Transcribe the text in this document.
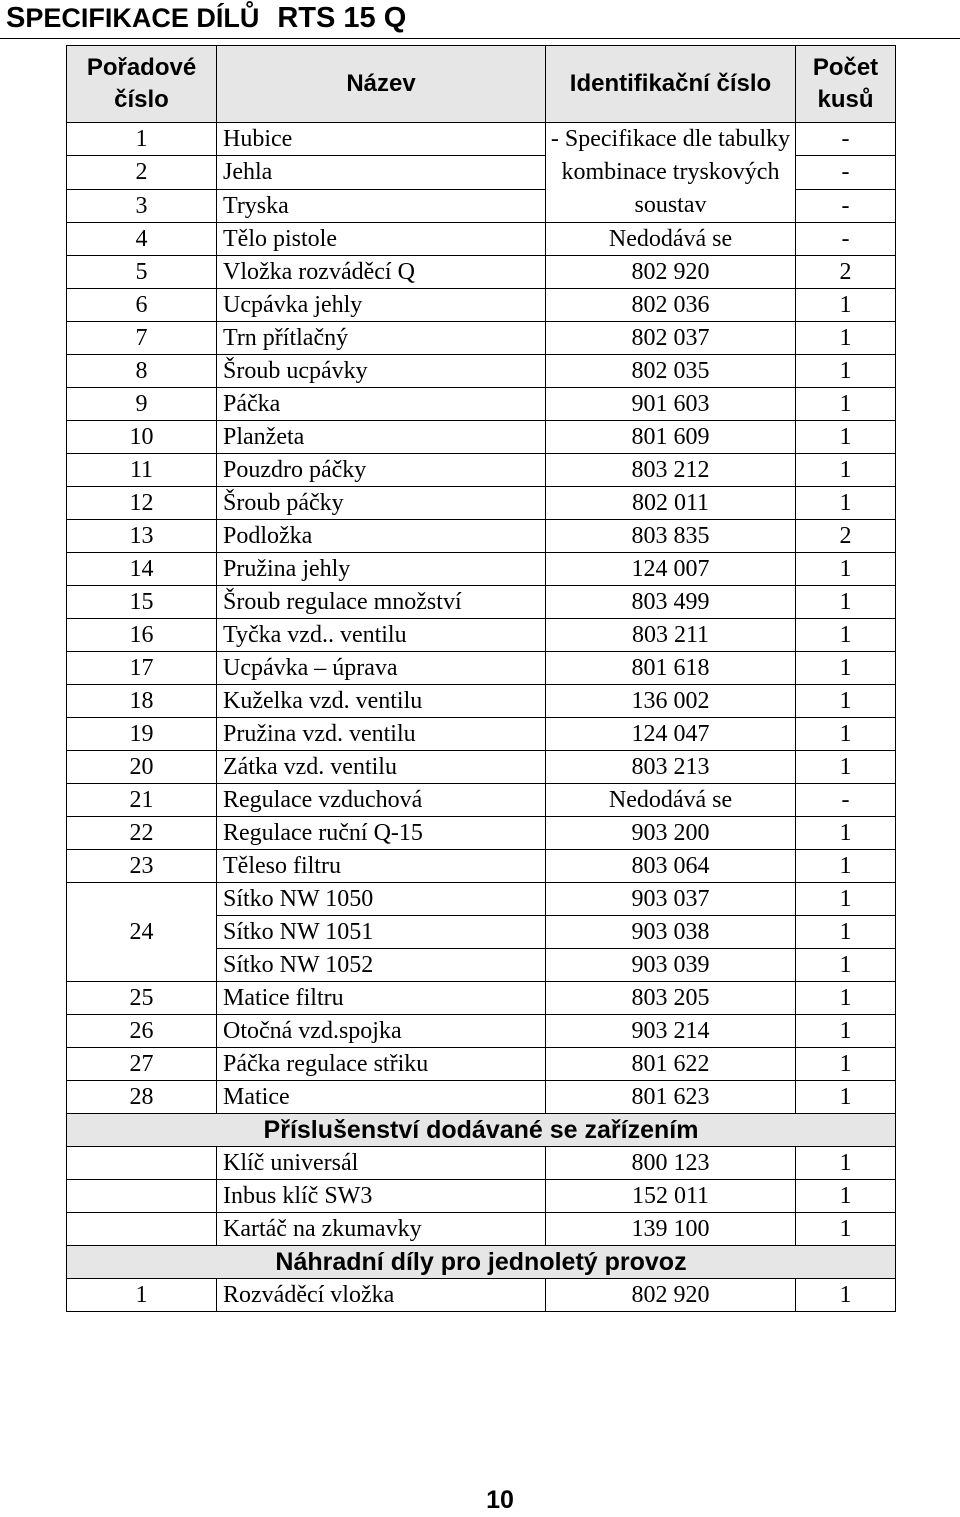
SPECIFIKACE DÍLŮ RTS 15 Q
Pořadové číslo	Název	Identifikační číslo	Počet kusů
1	Hubice	- Specifikace dle tabulky kombinace tryskových soustav	-
2	Jehla		-
3	Tryska		-
4	Tělo pistole	Nedodává se	-
5	Vložka rozváděcí Q	802 920	2
6	Ucpávka jehly	802 036	1
7	Trn přítlačný	802 037	1
8	Šroub ucpávky	802 035	1
9	Páčka	901 603	1
10	Planžeta	801 609	1
11	Pouzdro páčky	803 212	1
12	Šroub páčky	802 011	1
13	Podložka	803 835	2
14	Pružina jehly	124 007	1
15	Šroub regulace množství	803 499	1
16	Tyčka vzd.. ventilu	803 211	1
17	Ucpávka – úprava	801 618	1
18	Kuželka vzd. ventilu	136 002	1
19	Pružina vzd. ventilu	124 047	1
20	Zátka vzd. ventilu	803 213	1
21	Regulace vzduchová	Nedodává se	-
22	Regulace ruční Q-15	903 200	1
23	Těleso filtru	803 064	1
24	Sítko NW 1050	903 037	1
	Sítko NW 1051	903 038	1
	Sítko NW 1052	903 039	1
25	Matice filtru	803 205	1
26	Otočná vzd.spojka	903 214	1
27	Páčka regulace střiku	801 622	1
28	Matice	801 623	1
Příslušenství dodávané se zařízením			
	Klíč universál	800 123	1
	Inbus klíč SW3	152 011	1
	Kartáč na zkumavky	139 100	1
Náhradní díly pro jednoletý provoz			
1	Rozváděcí vložka	802 920	1
10
